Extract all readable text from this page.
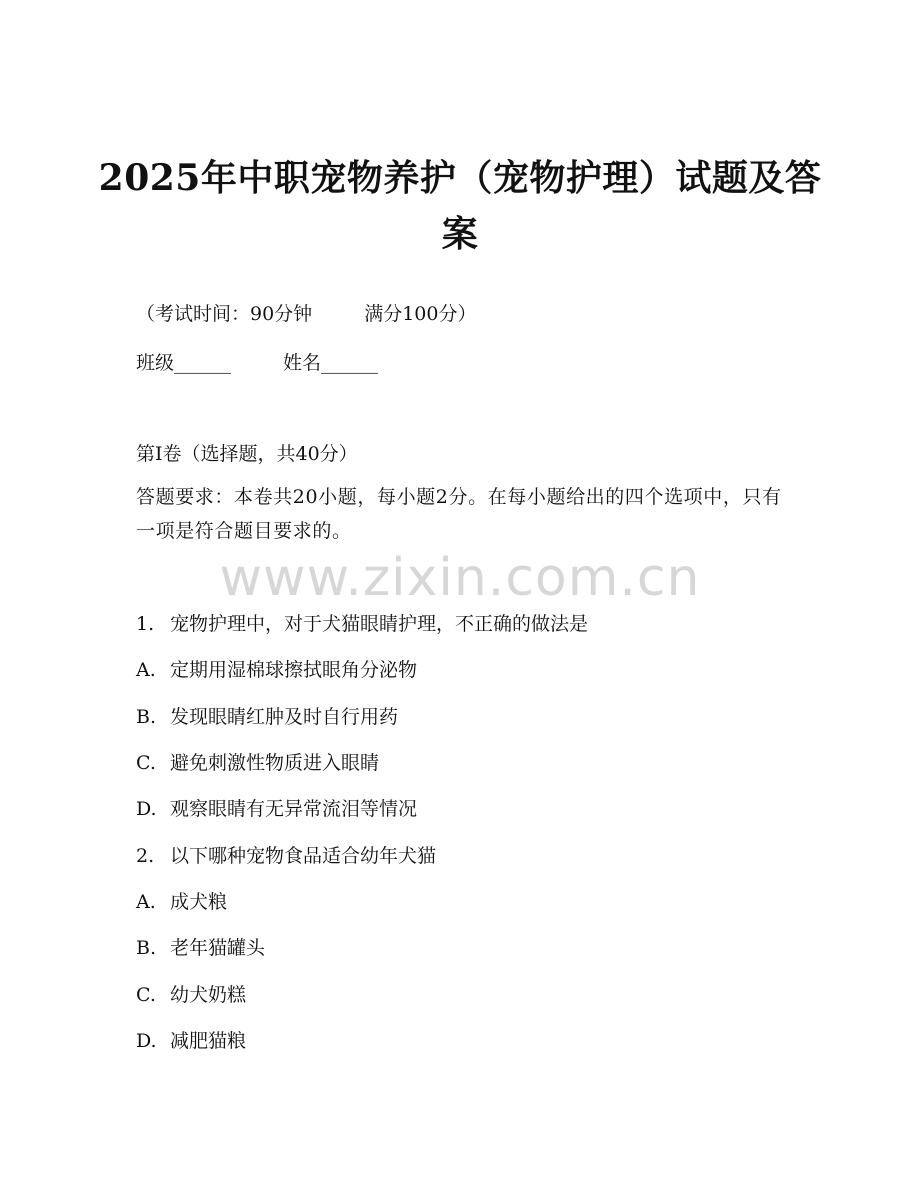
2025年中职宠物养护（宠物护理）试题及答案
（考试时间：90分钟	满分100分）
班级______	姓名______
第I卷（选择题，共40分）
答题要求：本卷共20小题，每小题2分。在每小题给出的四个选项中，只有一项是符合题目要求的。
www.zixin.com.cn
1. 宠物护理中，对于犬猫眼睛护理，不正确的做法是
A. 定期用湿棉球擦拭眼角分泌物
B. 发现眼睛红肿及时自行用药
C. 避免刺激性物质进入眼睛
D. 观察眼睛有无异常流泪等情况
2. 以下哪种宠物食品适合幼年犬猫
A. 成犬粮
B. 老年猫罐头
C. 幼犬奶糕
D. 减肥猫粮
